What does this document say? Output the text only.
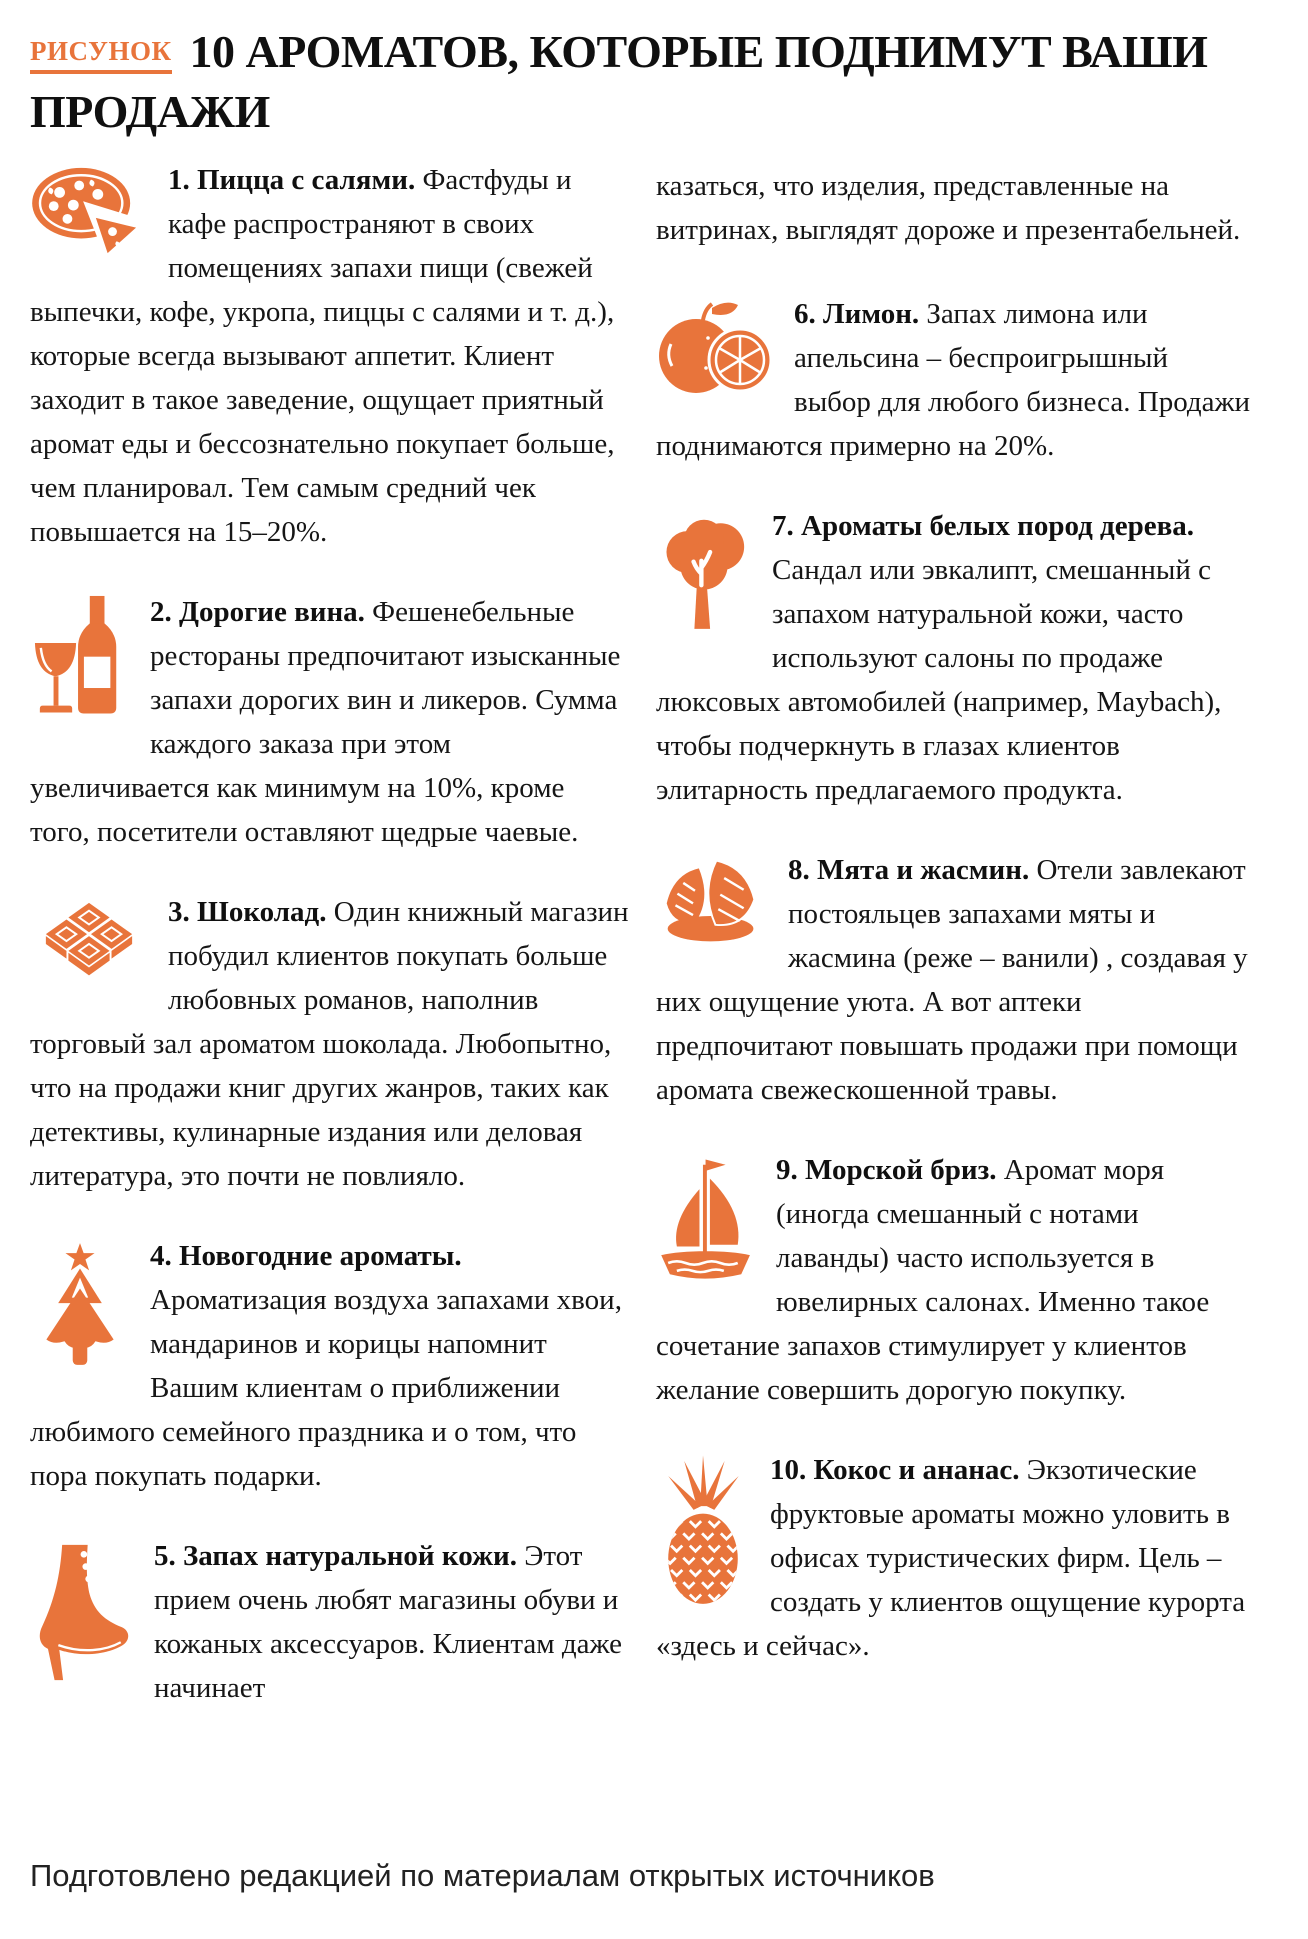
РИСУНОК 10 АРОМАТОВ, КОТОРЫЕ ПОДНИМУТ ВАШИ ПРОДАЖИ
1. Пицца с салями. Фастфуды и кафе распространяют в своих помещениях запахи пищи (свежей выпечки, кофе, укропа, пиццы с салями и т. д.), которые всегда вызывают аппетит. Клиент заходит в такое заведение, ощущает приятный аромат еды и бессознательно покупает больше, чем планировал. Тем самым средний чек повышается на 15–20%.
2. Дорогие вина. Фешенебельные рестораны предпочитают изысканные запахи дорогих вин и ликеров. Сумма каждого заказа при этом увеличивается как минимум на 10%, кроме того, посетители оставляют щедрые чаевые.
3. Шоколад. Один книжный магазин побудил клиентов покупать больше любовных романов, наполнив торговый зал ароматом шоколада. Любопытно, что на продажи книг других жанров, таких как детективы, кулинарные издания или деловая литература, это почти не повлияло.
4. Новогодние ароматы. Ароматизация воздуха запахами хвои, мандаринов и корицы напомнит Вашим клиентам о приближении любимого семейного праздника и о том, что пора покупать подарки.
5. Запах натуральной кожи. Этот прием очень любят магазины обуви и кожаных аксессуаров. Клиентам даже начинает

казаться, что изделия, представленные на витринах, выглядят дороже и презентабельней.

6. Лимон. Запах лимона или апельсина – беспроигрышный выбор для любого бизнеса. Продажи поднимаются примерно на 20%.
7. Ароматы белых пород дерева. Сандал или эвкалипт, смешанный с запахом натуральной кожи, часто используют салоны по продаже люксовых автомобилей (например, Maybach), чтобы подчеркнуть в глазах клиентов элитарность предлагаемого продукта.
8. Мята и жасмин. Отели завлекают постояльцев запахами мяты и жасмина (реже – ванили) , создавая у них ощущение уюта. А вот аптеки предпочитают повышать продажи при помощи аромата свежескошенной травы.
9. Морской бриз. Аромат моря (иногда смешанный с нотами лаванды) часто используется в ювелирных салонах. Именно такое сочетание запахов стимулирует у клиентов желание совершить дорогую покупку.
10. Кокос и ананас. Экзотические фруктовые ароматы можно уловить в офисах туристических фирм. Цель – создать у клиентов ощущение курорта «здесь и сейчас».
Подготовлено редакцией по материалам открытых источников
